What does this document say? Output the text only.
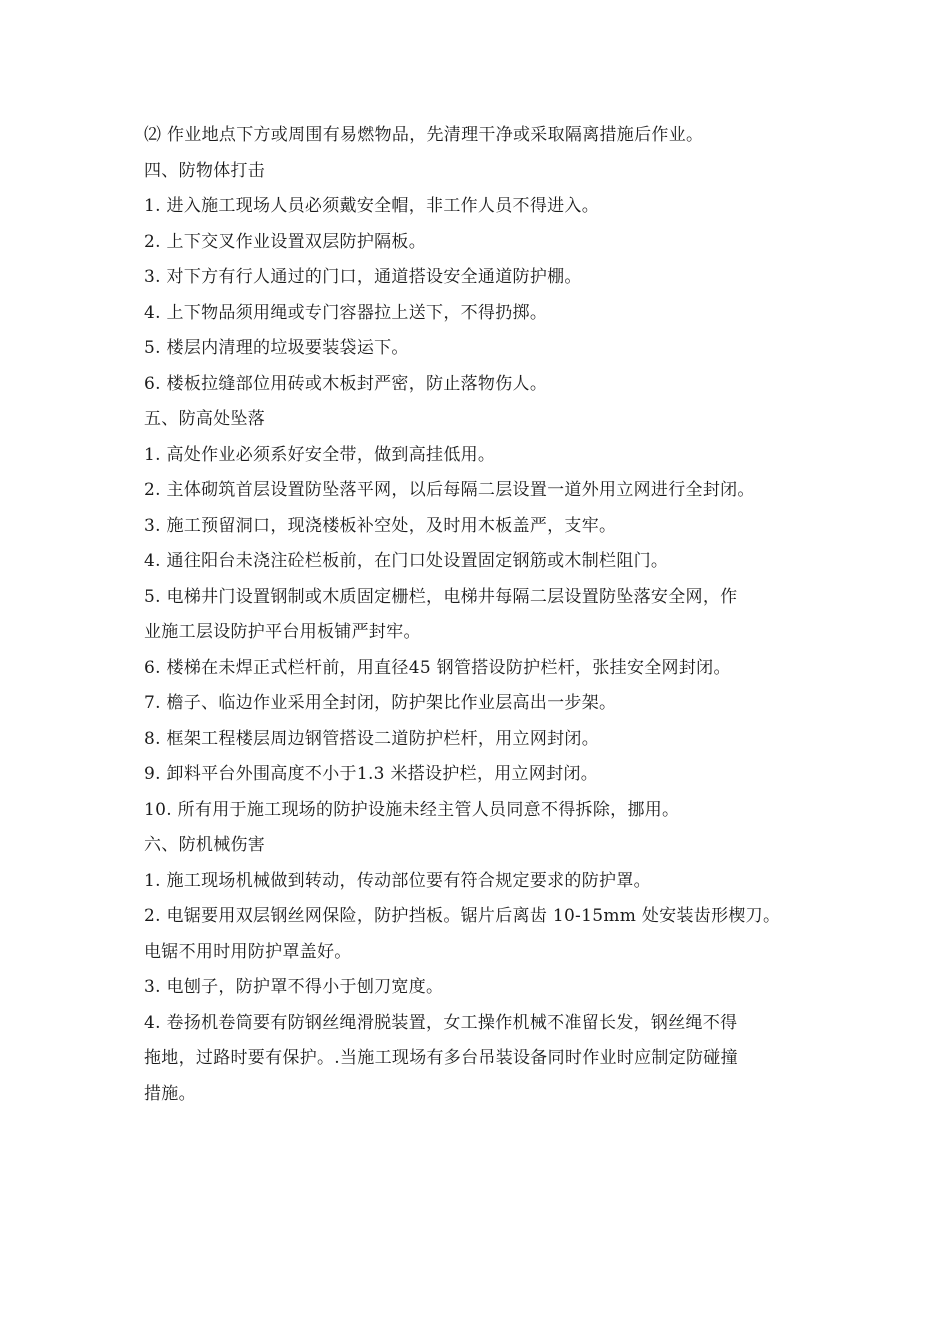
⑵ 作业地点下方或周围有易燃物品，先清理干净或采取隔离措施后作业。
四、防物体打击
1. 进入施工现场人员必须戴安全帽，非工作人员不得进入。
2. 上下交叉作业设置双层防护隔板。
3. 对下方有行人通过的门口，通道搭设安全通道防护棚。
4. 上下物品须用绳或专门容器拉上送下，不得扔掷。
5. 楼层内清理的垃圾要装袋运下。
6. 楼板拉缝部位用砖或木板封严密，防止落物伤人。
五、防高处坠落
1. 高处作业必须系好安全带，做到高挂低用。
2. 主体砌筑首层设置防坠落平网，以后每隔二层设置一道外用立网进行全封闭。
3. 施工预留洞口，现浇楼板补空处，及时用木板盖严，支牢。
4. 通往阳台未浇注砼栏板前，在门口处设置固定钢筋或木制栏阻门。
5. 电梯井门设置钢制或木质固定栅栏，电梯井每隔二层设置防坠落安全网，作
业施工层设防护平台用板铺严封牢。
6. 楼梯在未焊正式栏杆前，用直径45 钢管搭设防护栏杆，张挂安全网封闭。
7. 檐子、临边作业采用全封闭，防护架比作业层高出一步架。
8. 框架工程楼层周边钢管搭设二道防护栏杆，用立网封闭。
9. 卸料平台外围高度不小于1.3 米搭设护栏，用立网封闭。
10. 所有用于施工现场的防护设施未经主管人员同意不得拆除，挪用。
六、防机械伤害
1. 施工现场机械做到转动，传动部位要有符合规定要求的防护罩。
2. 电锯要用双层钢丝网保险，防护挡板。锯片后离齿 10-15mm 处安装齿形楔刀。
电锯不用时用防护罩盖好。
3. 电刨子，防护罩不得小于刨刀宽度。
4. 卷扬机卷筒要有防钢丝绳滑脱装置，女工操作机械不准留长发，钢丝绳不得
拖地，过路时要有保护。.当施工现场有多台吊装设备同时作业时应制定防碰撞
措施。
